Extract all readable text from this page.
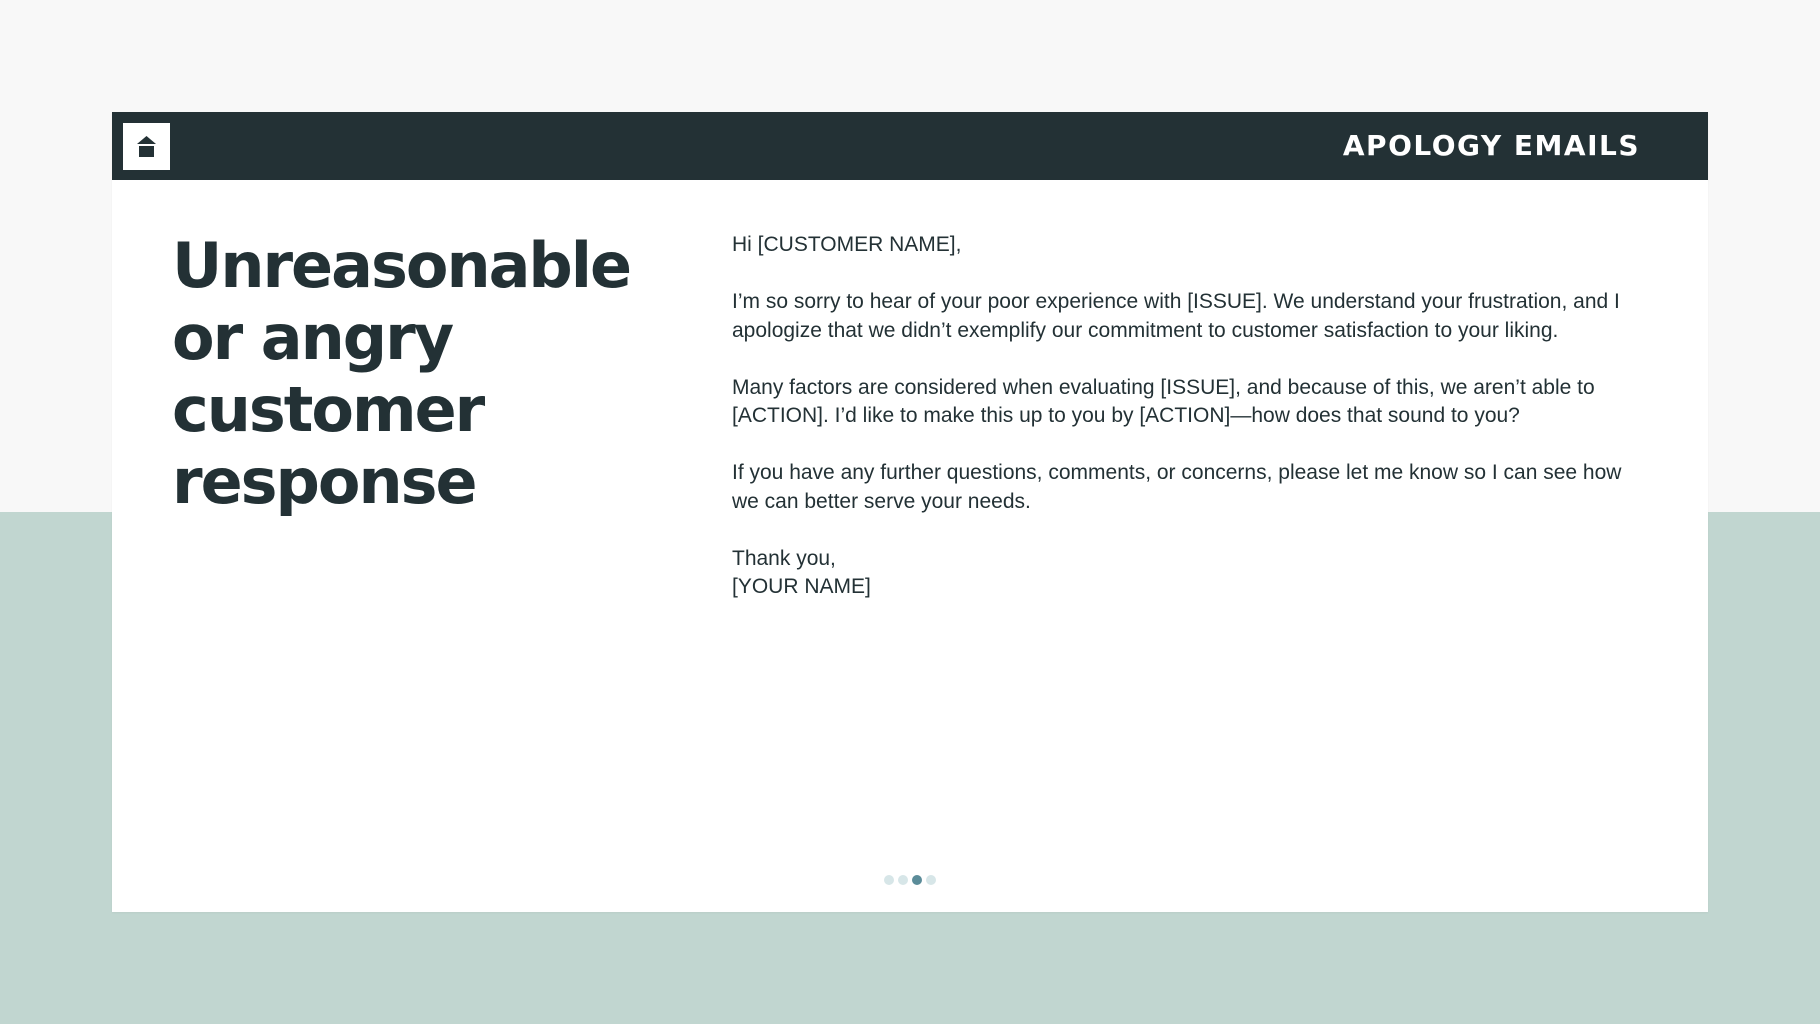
APOLOGY EMAILS
Unreasonable or angry customer response

Hi [CUSTOMER NAME],

I’m so sorry to hear of your poor experience with [ISSUE]. We understand your frustration, and I apologize that we didn’t exemplify our commitment to customer satisfaction to your liking.

Many factors are considered when evaluating [ISSUE], and because of this, we aren’t able to [ACTION]. I’d like to make this up to you by [ACTION]—how does that sound to you?

If you have any further questions, comments, or concerns, please let me know so I can see how we can better serve your needs.

Thank you,
[YOUR NAME]
